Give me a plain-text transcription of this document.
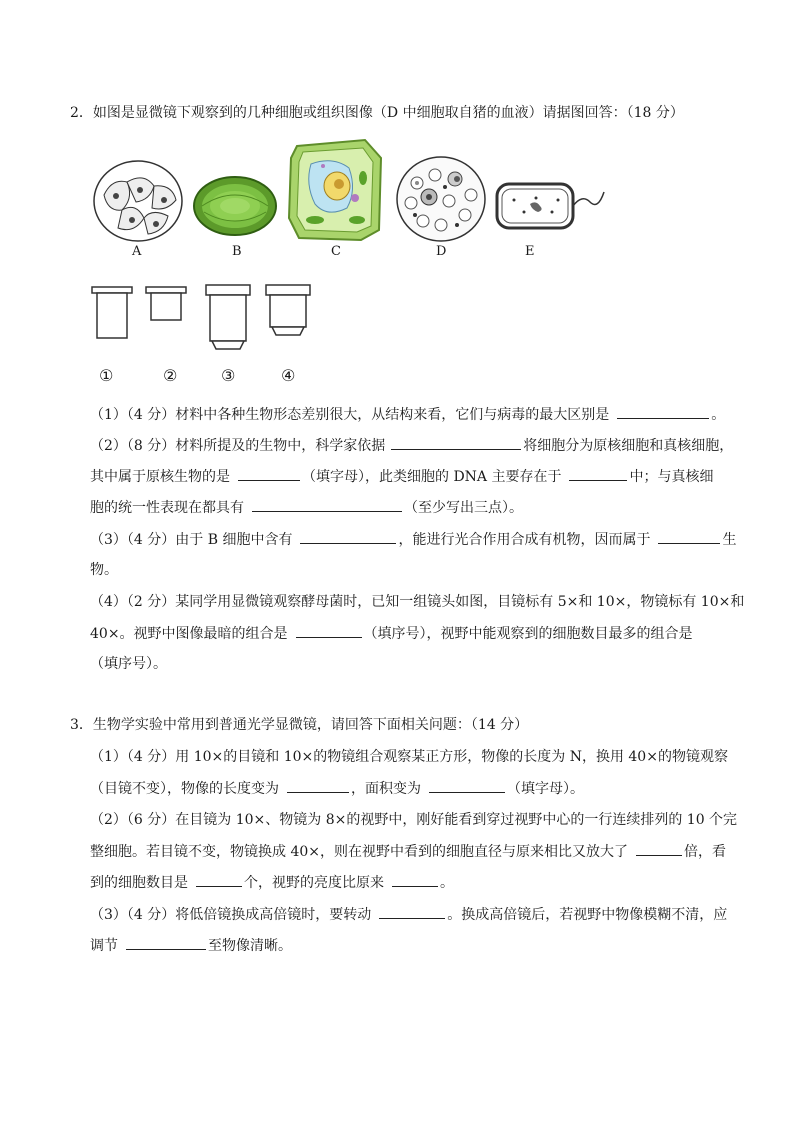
2．如图是显微镜下观察到的几种细胞或组织图像（D 中细胞取自猪的血液）请据图回答：（18 分）
A	B	C	D	E
①	②	③	④
（1）（4 分）材料中各种生物形态差别很大，从结构来看，它们与病毒的最大区别是	。
（2）（8 分）材料所提及的生物中，科学家依据	将细胞分为原核细胞和真核细胞，
其中属于原核生物的是	（填字母），此类细胞的 DNA 主要存在于	中；与真核细
胞的统一性表现在都具有	（至少写出三点）。
（3）（4 分）由于 B 细胞中含有	，能进行光合作用合成有机物，因而属于	生
物。
（4）（2 分）某同学用显微镜观察酵母菌时，已知一组镜头如图，目镜标有 5×和 10×，物镜标有 10×和
40×。视野中图像最暗的组合是	（填序号），视野中能观察到的细胞数目最多的组合是
（填序号）。
3．生物学实验中常用到普通光学显微镜，请回答下面相关问题：（14 分）
（1）（4 分）用 10×的目镜和 10×的物镜组合观察某正方形，物像的长度为 N，换用 40×的物镜观察
（目镜不变），物像的长度变为	，面积变为	（填字母）。
（2）（6 分）在目镜为 10×、物镜为 8×的视野中，刚好能看到穿过视野中心的一行连续排列的 10 个完
整细胞。若目镜不变，物镜换成 40×，则在视野中看到的细胞直径与原来相比又放大了	倍，看
到的细胞数目是	个，视野的亮度比原来	。
（3）（4 分）将低倍镜换成高倍镜时，要转动	。换成高倍镜后，若视野中物像模糊不清，应
调节	至物像清晰。
